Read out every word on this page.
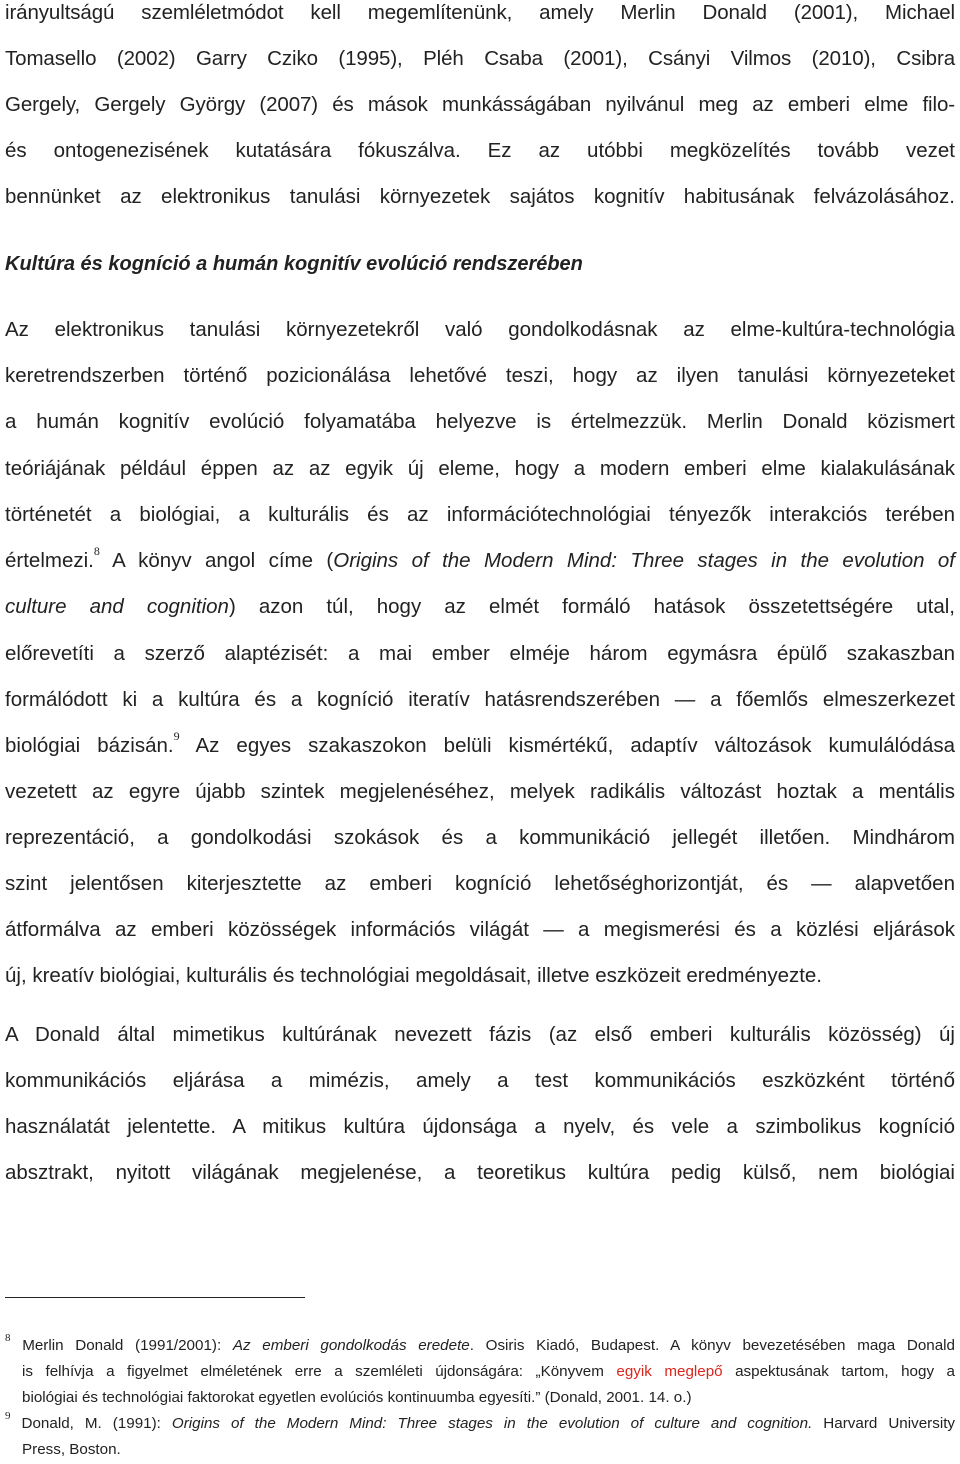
irányultságú szemléletmódot kell megemlítenünk, amely Merlin Donald (2001), Michael
Tomasello (2002) Garry Cziko (1995), Pléh Csaba (2001), Csányi Vilmos (2010), Csibra
Gergely, Gergely György (2007) és mások munkásságában nyilvánul meg az emberi elme filo-
és ontogenezisének kutatására fókuszálva. Ez az utóbbi megközelítés tovább vezet
bennünket az elektronikus tanulási környezetek sajátos kognitív habitusának felvázolásához.
Kultúra és kogníció a humán kognitív evolúció rendszerében
Az elektronikus tanulási környezetekről való gondolkodásnak az elme-kultúra-technológia
keretrendszerben történő pozicionálása lehetővé teszi, hogy az ilyen tanulási környezeteket
a humán kognitív evolúció folyamatába helyezve is értelmezzük. Merlin Donald közismert
teóriájának például éppen az az egyik új eleme, hogy a modern emberi elme kialakulásának
történetét a biológiai, a kulturális és az információtechnológiai tényezők interakciós terében
értelmezi.$^8$ A könyv angol címe (Origins of the Modern Mind: Three stages in the evolution of
culture and cognition) azon túl, hogy az elmét formáló hatások összetettségére utal,
előrevetíti a szerző alaptézisét: a mai ember elméje három egymásra épülő szakaszban
formálódott ki a kultúra és a kogníció iteratív hatásrendszerében — a főemlős elmeszerkezet
biológiai bázisán.$^9$ Az egyes szakaszokon belüli kismértékű, adaptív változások kumulálódása
vezetett az egyre újabb szintek megjelenéséhez, melyek radikális változást hoztak a mentális
reprezentáció, a gondolkodási szokások és a kommunikáció jellegét illetően. Mindhárom
szint jelentősen kiterjesztette az emberi kogníció lehetőséghorizontját, és — alapvetően
átformálva az emberi közösségek információs világát — a megismerési és a közlési eljárások
új, kreatív biológiai, kulturális és technológiai megoldásait, illetve eszközeit eredményezte.
A Donald által mimetikus kultúrának nevezett fázis (az első emberi kulturális közösség) új
kommunikációs eljárása a mimézis, amely a test kommunikációs eszközként történő
használatát jelentette. A mitikus kultúra újdonsága a nyelv, és vele a szimbolikus kogníció
absztrakt, nyitott világának megjelenése, a teoretikus kultúra pedig külső, nem biológiai
$^8$ Merlin Donald (1991/2001): Az emberi gondolkodás eredete. Osiris Kiadó, Budapest. A könyv bevezetésében maga Donald
is felhívja a figyelmet elméletének erre a szemléleti újdonságára: „Könyvem egyik meglepő aspektusának tartom, hogy a
biológiai és technológiai faktorokat egyetlen evolúciós kontinuumba egyesíti.” (Donald, 2001. 14. o.)
$^9$ Donald, M. (1991): Origins of the Modern Mind: Three stages in the evolution of culture and cognition. Harvard University
Press, Boston.
